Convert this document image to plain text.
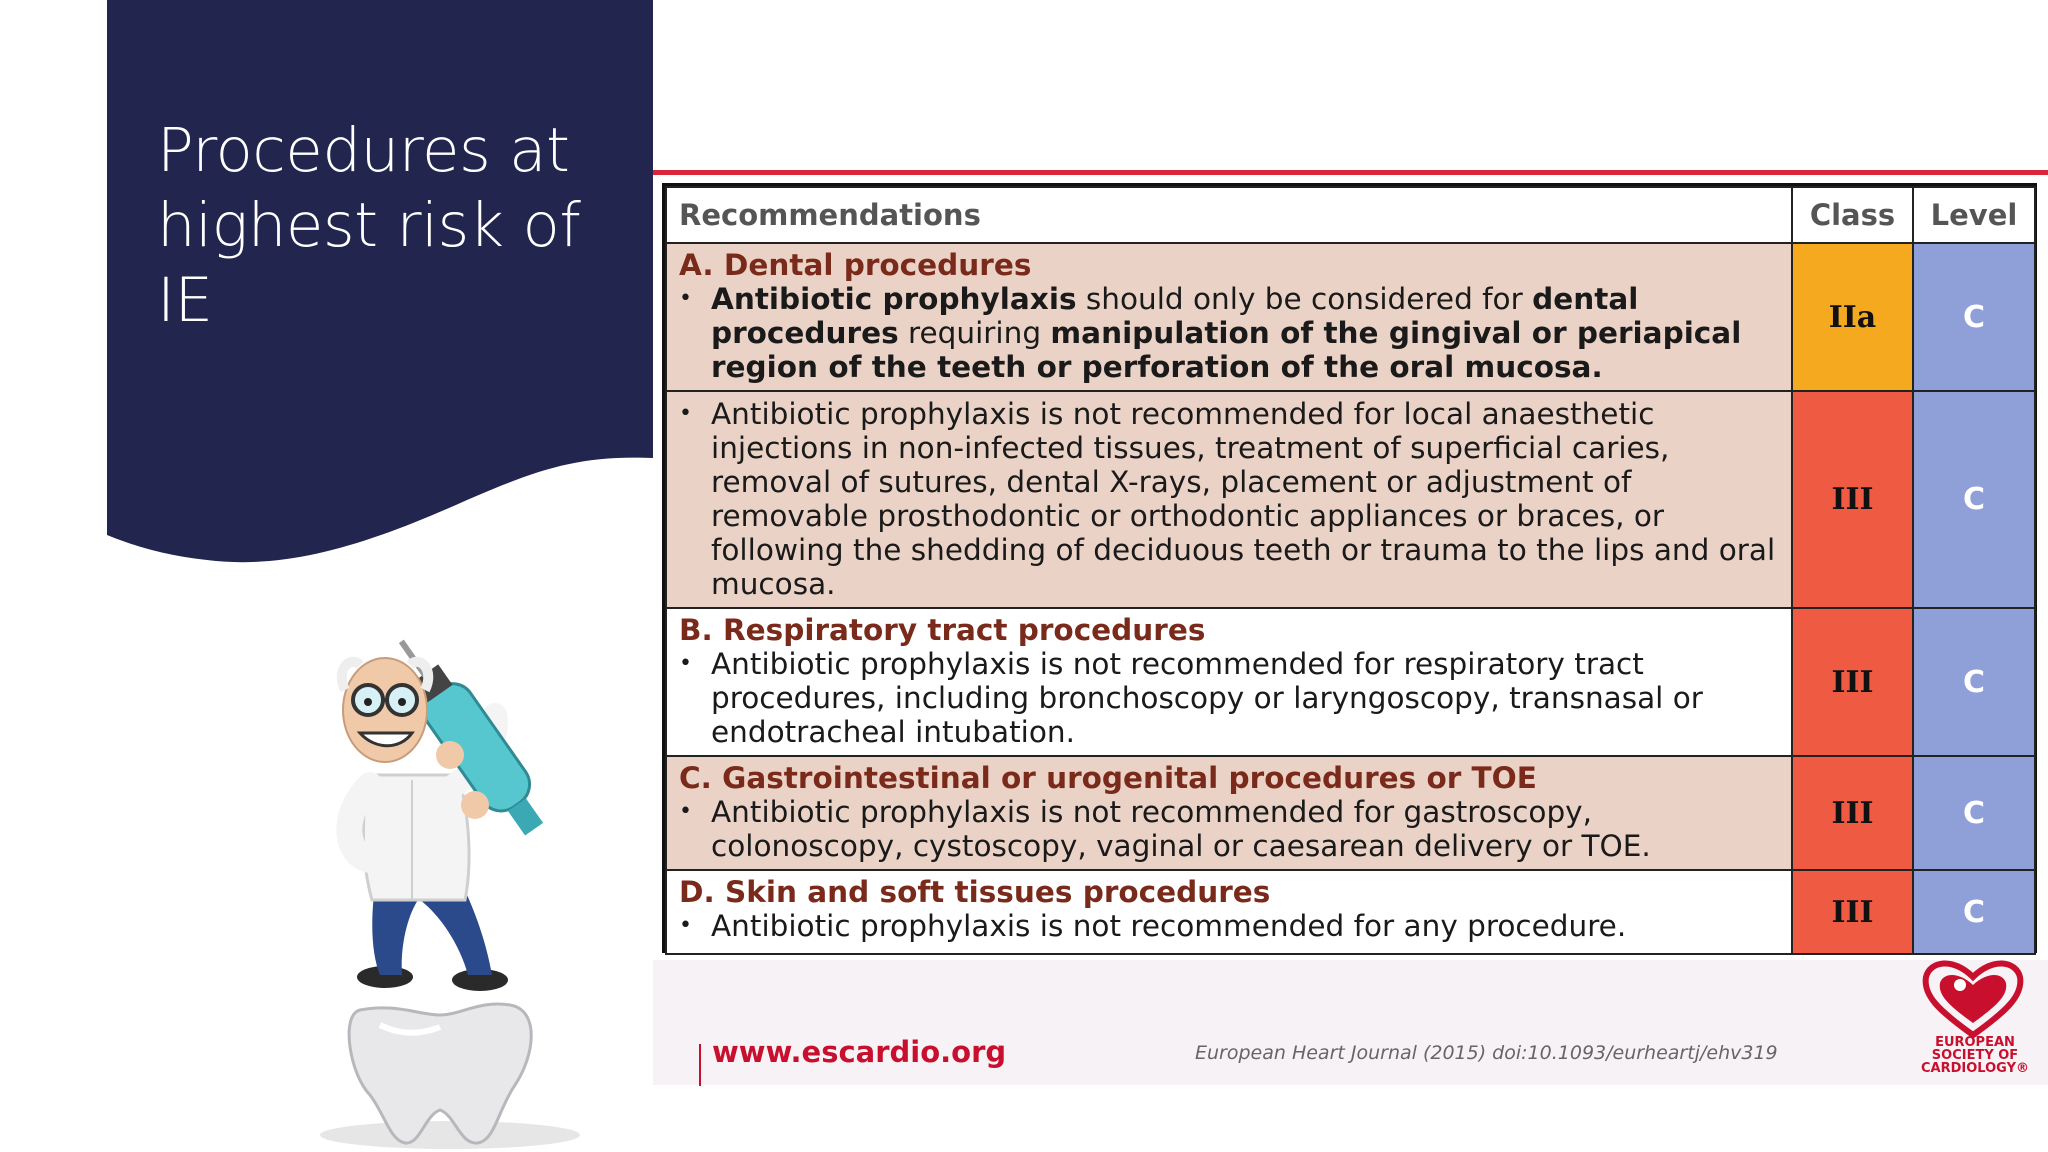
Procedures at
highest risk of
IE
Recommendations	Class	Level

A. Dental procedures
• Antibiotic prophylaxis should only be considered for dental procedures requiring manipulation of the gingival or periapical region of the teeth or perforation of the oral mucosa.	IIa	C

• Antibiotic prophylaxis is not recommended for local anaesthetic injections in non-infected tissues, treatment of superficial caries, removal of sutures, dental X-rays, placement or adjustment of removable prosthodontic or orthodontic appliances or braces, or following the shedding of deciduous teeth or trauma to the lips and oral mucosa.	III	C

B. Respiratory tract procedures
• Antibiotic prophylaxis is not recommended for respiratory tract procedures, including bronchoscopy or laryngoscopy, transnasal or endotracheal intubation.	III	C

C. Gastrointestinal or urogenital procedures or TOE
• Antibiotic prophylaxis is not recommended for gastroscopy, colonoscopy, cystoscopy, vaginal or caesarean delivery or TOE.	III	C

D. Skin and soft tissues procedures
• Antibiotic prophylaxis is not recommended for any procedure.	III	C
www.escardio.org	European Heart Journal (2015) doi:10.1093/eurheartj/ehv319	EUROPEAN
SOCIETY OF
CARDIOLOGY®
